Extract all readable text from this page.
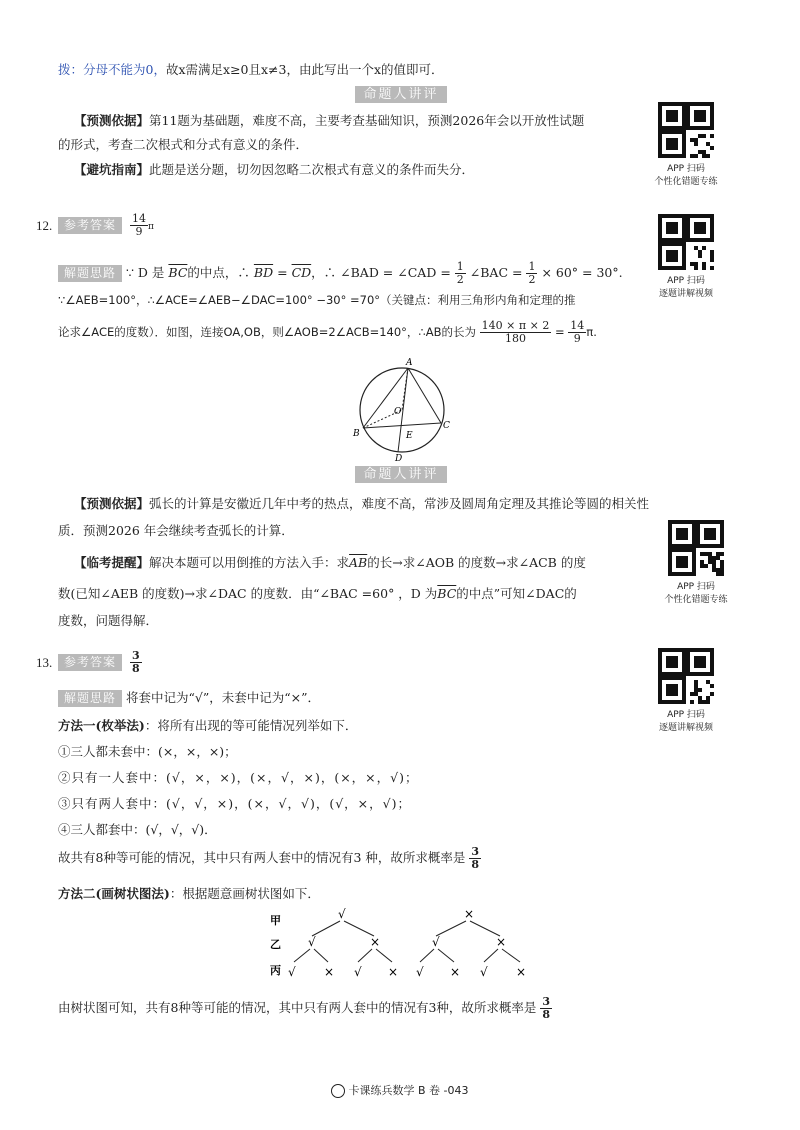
拨：分母不能为0，故x需满足x≥0且x≠3，由此写出一个x的值即可．
命题人讲评
【预测依据】第11题为基础题，难度不高，主要考查基础知识，预测2026年会以开放性试题
的形式，考查二次根式和分式有意义的条件．
【避坑指南】此题是送分题，切勿因忽略二次根式有意义的条件而失分．	APP 扫码
个性化错题专练
12. 参考答案 $\frac{14}{9}$ π
解题思路 ∵ D 是 $\overline{BC}$的中点，∴ $\overline{BD} = \overline{CD}$，∴ ∠BAD = ∠CAD = $\frac{1}{2}$ ∠BAC = $\frac{1}{2} \times 60^\circ = 30^\circ$.
∵∠AEB=100°，∴∠ACE=∠AEB−∠DAC=100° −30° =70°（关键点：利用三角形内角和定理的推
论求∠ACE的度数）．如图，连接OA,OB，则∠AOB=2∠ACB=140°，∴AB的长为 $\frac{140 \times \pi \times 2}{180} = \frac{14}{9} \pi$.
APP 扫码
逐题讲解视频
A
B
C
D
E
O
命题人讲评
【预测依据】弧长的计算是安徽近几年中考的热点，难度不高，常涉及圆周角定理及其推论等圆的相关性
质．预测2026 年会继续考查弧长的计算．
【临考提醒】解决本题可以用倒推的方法入手：求$\overline{AB}$的长→求∠AOB 的度数→求∠ACB 的度
数(已知∠AEB 的度数)→求∠DAC 的度数．由“∠BAC =60° ，D 为$\overline{BC}$的中点”可知∠DAC的
度数，问题得解．
APP 扫码
个性化错题专练
13. 参考答案 $\frac{3}{8}$
解题思路 将套中记为“√”，未套中记为“×”．
方法一(枚举法)：将所有出现的等可能情况列举如下．
①三人都未套中：(×，×，×)；
②只有一人套中：(√，×，×)，(×，√，×)，(×，×，√)；
③只有两人套中：(√，√，×)，(×，√，√)，(√，×，√)；
④三人都套中：(√，√，√)．
故共有8种等可能的情况，其中只有两人套中的情况有3 种，故所求概率是 $\frac{3}{8}$
方法二(画树状图法)：根据题意画树状图如下．
甲
乙
丙
√	×
√	×	√	×
√ × √ × √ × √ ×
由树状图可知，共有8种等可能的情况，其中只有两人套中的情况有3种，故所求概率是 $\frac{3}{8}$
APP 扫码
逐题讲解视频
卡课练兵数学 B 卷 -043
